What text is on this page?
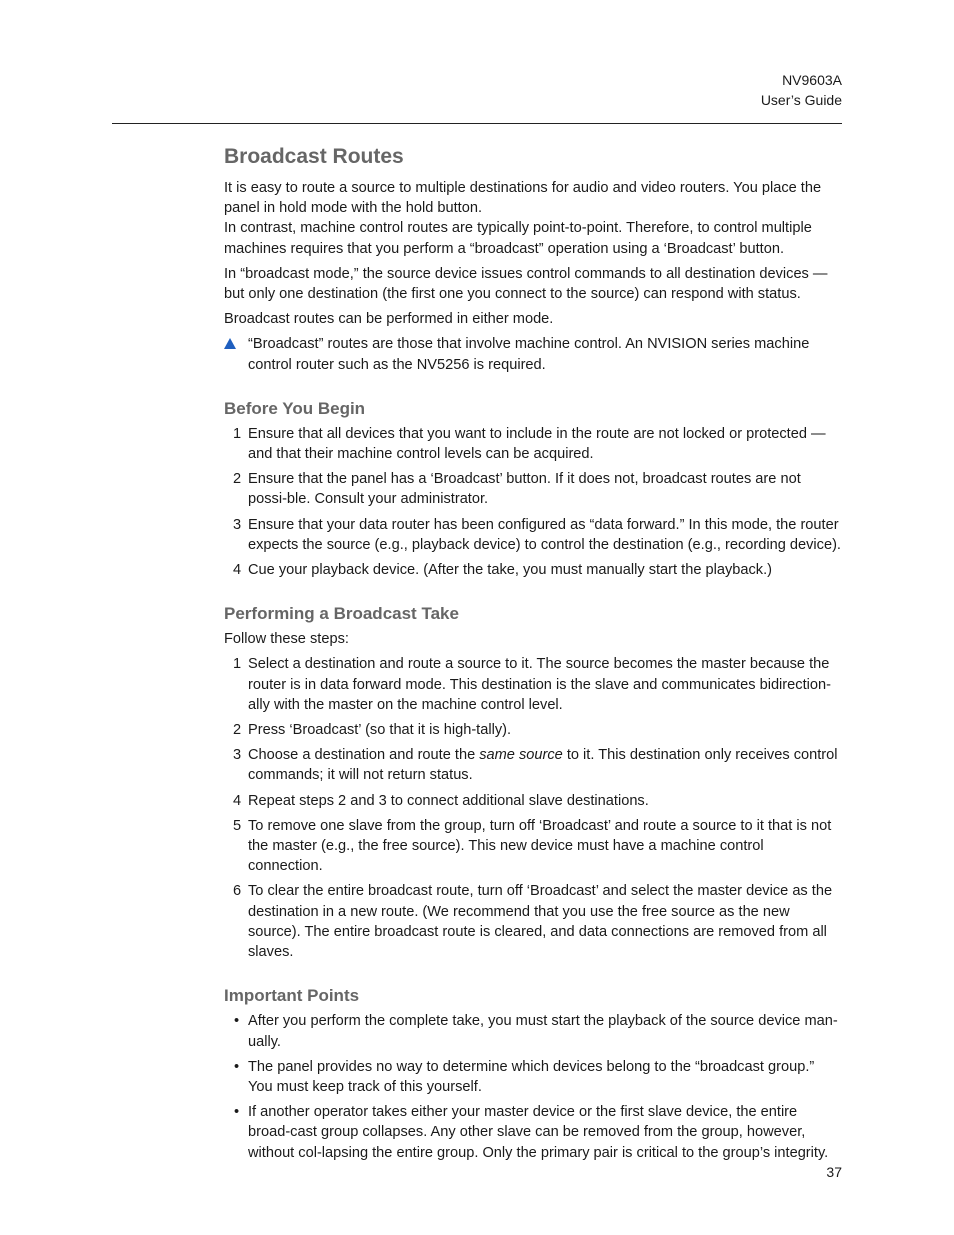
NV9603A
User’s Guide
Broadcast Routes

It is easy to route a source to multiple destinations for audio and video routers. You place the panel in hold mode with the hold button.

In contrast, machine control routes are typically point-to-point. Therefore, to control multiple machines requires that you perform a “broadcast” operation using a ‘Broadcast’ button.

In “broadcast mode,” the source device issues control commands to all destination devices — but only one destination (the first one you connect to the source) can respond with status.

Broadcast routes can be performed in either mode.

“Broadcast” routes are those that involve machine control. An NVISION series machine control router such as the NV5256 is required.
Before You Begin
1 Ensure that all devices that you want to include in the route are not locked or protected — and that their machine control levels can be acquired.
2 Ensure that the panel has a ‘Broadcast’ button. If it does not, broadcast routes are not possi-ble. Consult your administrator.
3 Ensure that your data router has been configured as “data forward.” In this mode, the router expects the source (e.g., playback device) to control the destination (e.g., recording device).
4 Cue your playback device. (After the take, you must manually start the playback.)
Performing a Broadcast Take

Follow these steps:

1 Select a destination and route a source to it. The source becomes the master because the router is in data forward mode. This destination is the slave and communicates bidirection-ally with the master on the machine control level.
2 Press ‘Broadcast’ (so that it is high-tally).
3 Choose a destination and route the same source to it. This destination only receives control commands; it will not return status.
4 Repeat steps 2 and 3 to connect additional slave destinations.
5 To remove one slave from the group, turn off ‘Broadcast’ and route a source to it that is not the master (e.g., the free source). This new device must have a machine control connection.
6 To clear the entire broadcast route, turn off ‘Broadcast’ and select the master device as the destination in a new route. (We recommend that you use the free source as the new source). The entire broadcast route is cleared, and data connections are removed from all slaves.
Important Points
• After you perform the complete take, you must start the playback of the source device man-ually.
• The panel provides no way to determine which devices belong to the “broadcast group.” You must keep track of this yourself.
• If another operator takes either your master device or the first slave device, the entire broad-cast group collapses. Any other slave can be removed from the group, however, without col-lapsing the entire group. Only the primary pair is critical to the group’s integrity.
37
